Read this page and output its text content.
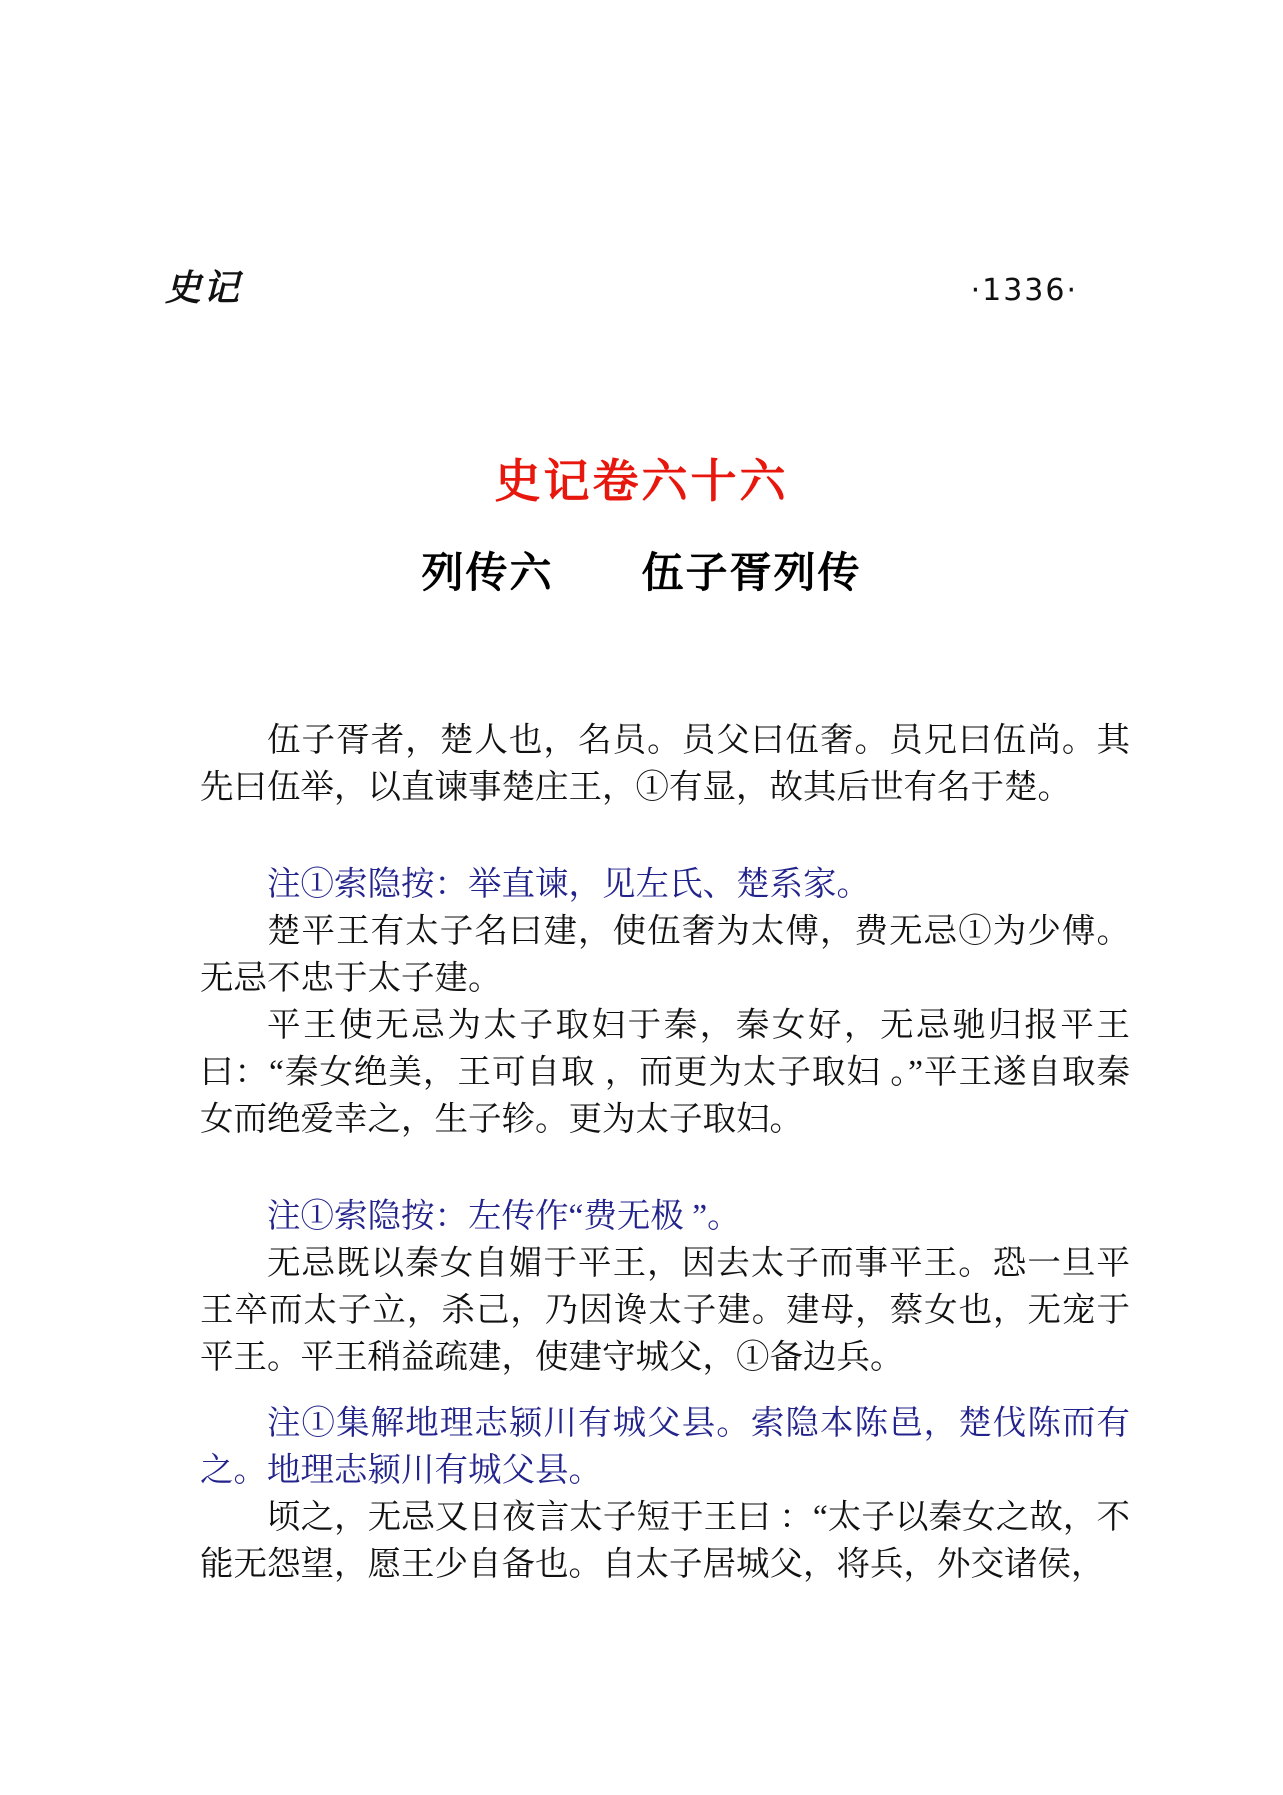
史记	·1336·
史记卷六十六
列传六　　伍子胥列传

伍子胥者，楚人也，名员。员父曰伍奢。员兄曰伍尚。其先曰伍举，以直谏事楚庄王，①有显，故其后世有名于楚。

注①索隐按：举直谏，见左氏、楚系家。

楚平王有太子名曰建，使伍奢为太傅，费无忌①为少傅。无忌不忠于太子建。

平王使无忌为太子取妇于秦，秦女好，无忌驰归报平王曰：“秦女绝美，王可自取 ，而更为太子取妇 。”平王遂自取秦女而绝爱幸之，生子轸。更为太子取妇。

注①索隐按：左传作“费无极 ”。

无忌既以秦女自媚于平王，因去太子而事平王。恐一旦平王卒而太子立，杀己，乃因谗太子建。建母，蔡女也，无宠于平王。平王稍益疏建，使建守城父，①备边兵。

注①集解地理志颍川有城父县。索隐本陈邑，楚伐陈而有之。地理志颍川有城父县。

顷之，无忌又日夜言太子短于王曰 ：“太子以秦女之故，不能无怨望，愿王少自备也。自太子居城父，将兵，外交诸侯，
